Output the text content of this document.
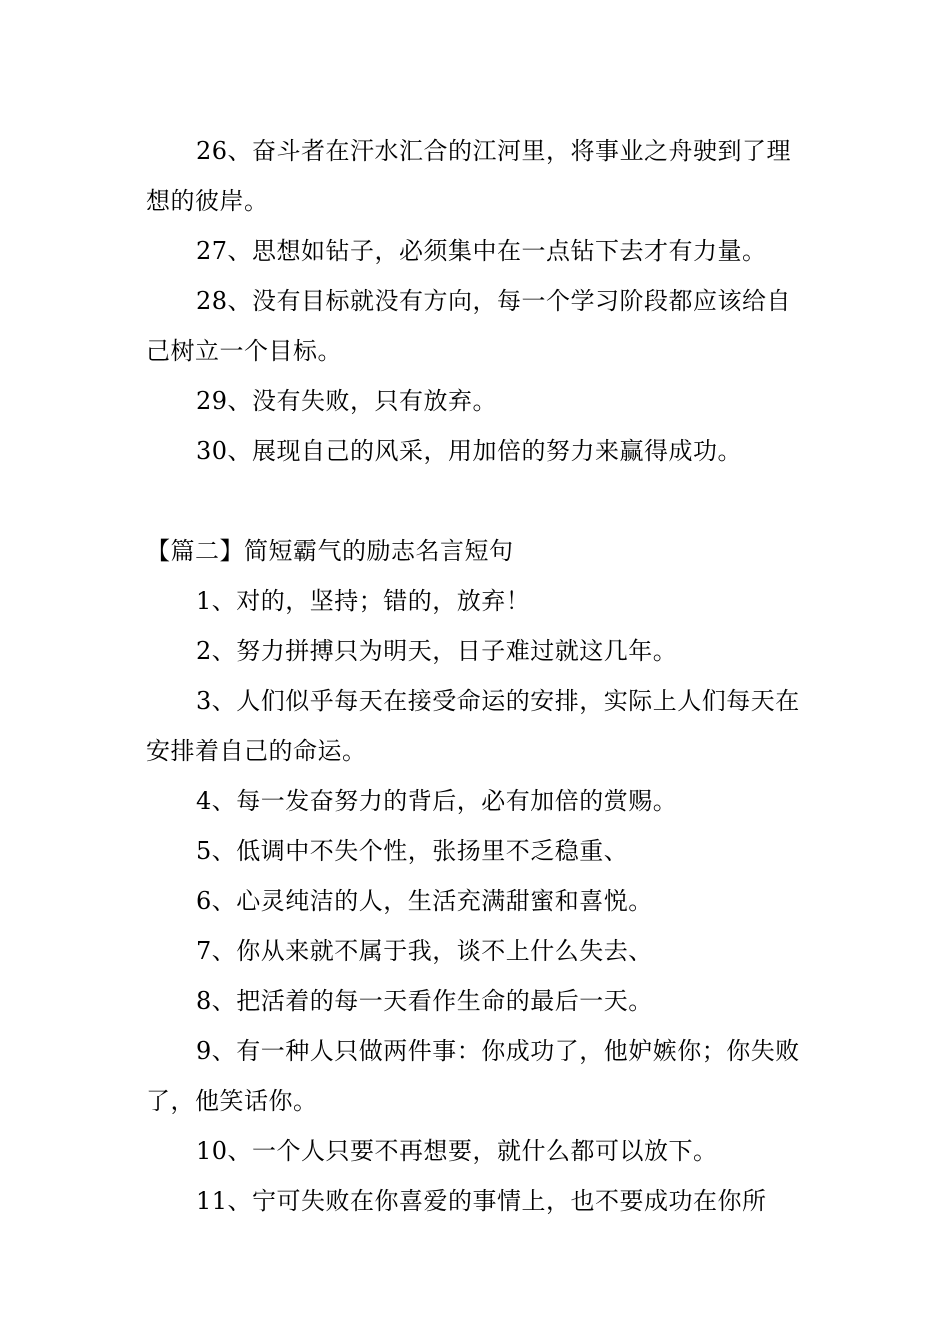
26、奋斗者在汗水汇合的江河里，将事业之舟驶到了理想的彼岸。

27、思想如钻子，必须集中在一点钻下去才有力量。

28、没有目标就没有方向，每一个学习阶段都应该给自己树立一个目标。

29、没有失败，只有放弃。

30、展现自己的风采，用加倍的努力来赢得成功。

【篇二】简短霸气的励志名言短句

1、对的，坚持；错的，放弃！

2、努力拼搏只为明天，日子难过就这几年。

3、人们似乎每天在接受命运的安排，实际上人们每天在安排着自己的命运。

4、每一发奋努力的背后，必有加倍的赏赐。

5、低调中不失个性，张扬里不乏稳重、

6、心灵纯洁的人，生活充满甜蜜和喜悦。

7、你从来就不属于我，谈不上什么失去、

8、把活着的每一天看作生命的最后一天。

9、有一种人只做两件事：你成功了，他妒嫉你；你失败了，他笑话你。

10、一个人只要不再想要，就什么都可以放下。

11、宁可失败在你喜爱的事情上，也不要成功在你所
